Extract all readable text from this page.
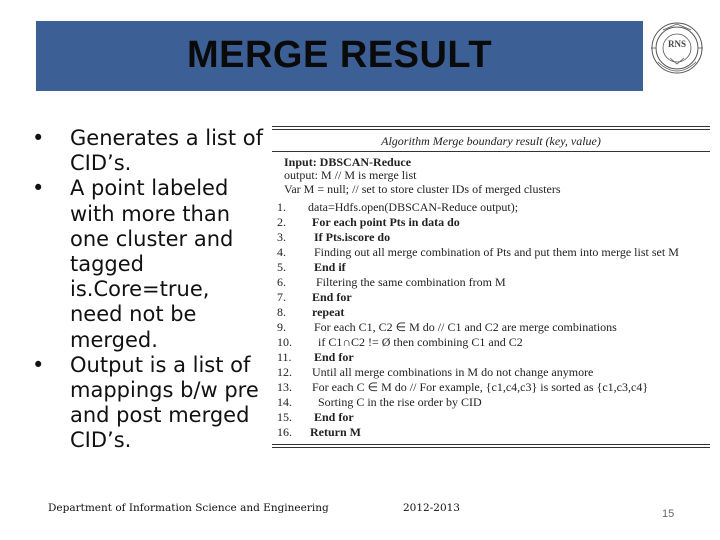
MERGE RESULT	RNS
• Generates a list of CID’s.
• A point labeled with more than one cluster and tagged is.Core=true, need not be merged.
• Output is a list of mappings b/w pre and post merged CID’s.
Algorithm Merge boundary result (key, value)
Input: DBSCAN-Reduce
output: M // M is merge list
Var M = null; // set to store cluster IDs of merged clusters
1.	data=Hdfs.open(DBSCAN-Reduce output);
2.	For each point Pts in data do
3.	If Pts.iscore do
4.	Finding out all merge combination of Pts and put them into merge list set M
5.	End if
6.	Filtering the same combination from M
7.	End for
8.	repeat
9.	For each C1, C2 ∈ M do // C1 and C2 are merge combinations
10.	if C1∩C2 != Ø then combining C1 and C2
11.	End for
12.	Until all merge combinations in M do not change anymore
13.	For each C ∈ M do // For example, {c1,c4,c3} is sorted as {c1,c3,c4}
14.	Sorting C in the rise order by CID
15.	End for
16.	Return M
Department of Information Science and Engineering	2012-2013	15
